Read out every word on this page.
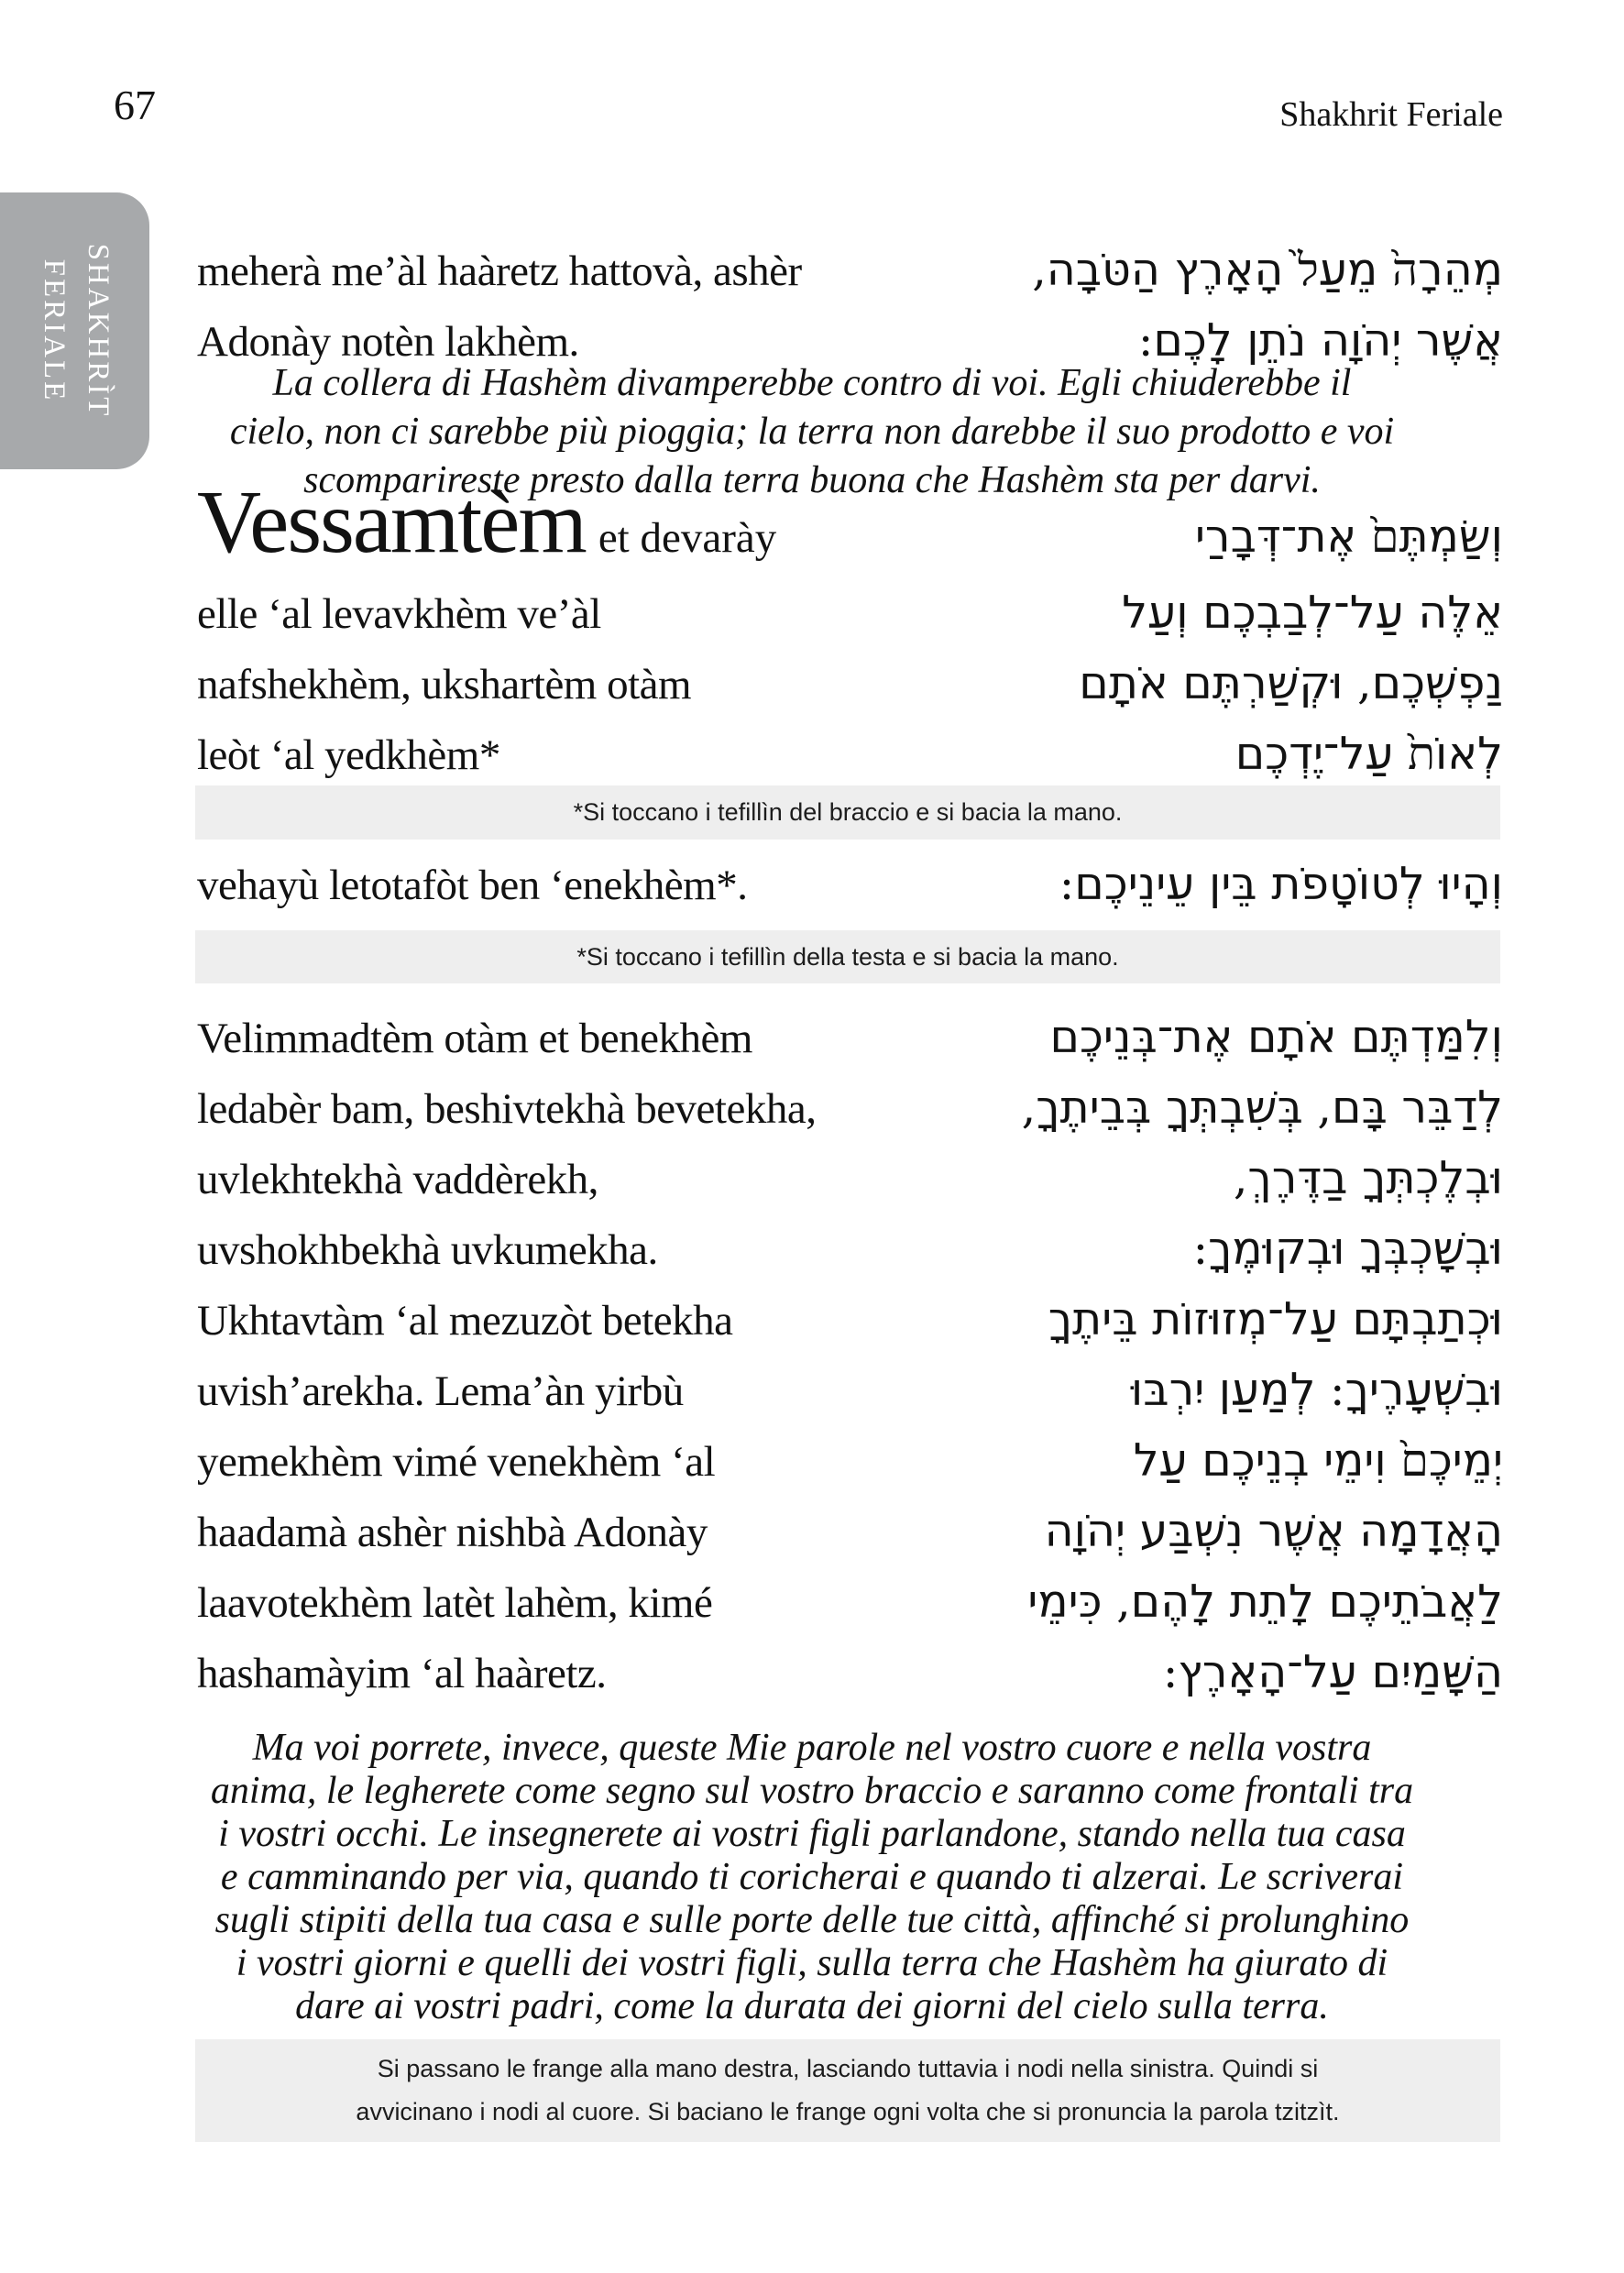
67	Shakhrit Feriale
SHAKHRÌT
FERIALE	meherà me’àl haàretz hattovà, ashèr	מְהֵרָה֙ מֵעַל֙ הָאָרֶץ הַטֹּבָה,
Adonày notèn lakhèm.	אֲשֶׁר יְהֹוָה נֹתֵן לָכֶם:
La collera di Hashèm divamperebbe contro di voi. Egli chiuderebbe il
cielo, non ci sarebbe più pioggia; la terra non darebbe il suo prodotto e voi
scomparireste presto dalla terra buona che Hashèm sta per darvi.
Vessamtèm et devarày	וְשַׂמְתֶּם֙ אֶת־דְּבָרַי
elle ‘al levavkhèm ve’àl	אֵלֶּה עַל־לְבַבְכֶם וְעַל
nafshekhèm, ukshartèm otàm	נַפְשְׁכֶם, וּקְשַׁרְתֶּם אֹתָם
leòt ‘al yedkhèm*	לְאוֹת֙ עַל־יֶדְכֶם
*Si toccano i tefillìn del braccio e si bacia la mano.
vehayù letotafòt ben ‘enekhèm*.	וְהָיוּ לְטוֹטָפֹת בֵּין עֵינֵיכֶם:
*Si toccano i tefillìn della testa e si bacia la mano.
Velimmadtèm otàm et benekhèm	וְלִמַּדְתֶּם אֹתָם אֶת־בְּנֵיכֶם
ledabèr bam, beshivtekhà bevetekha,	לְדַבֵּר בָּם, בְּשִׁבְתְּךָ בְּבֵיתֶךָ,
uvlekhtekhà vaddèrekh,	וּבְלֶכְתְּךָ בַדֶּרֶךְ,
uvshokhbekhà uvkumekha.	וּבְשָׁכְבְּךָ וּבְקוּמֶךָ:
Ukhtavtàm ‘al mezuzòt betekha	וּכְתַבְתָּם עַל־מְזוּזוֹת בֵּיתֶךָ
uvish’arekha. Lema’àn yirbù	וּבִשְׁעָרֶיךָ: לְמַעַן יִרְבּוּ
yemekhèm vimé venekhèm ‘al	יְמֵיכֶם֙ וִימֵי בְנֵיכֶם עַל
haadamà ashèr nishbà Adonày	הָאֲדָמָה אֲשֶׁר נִשְׁבַּע יְהֹוָה
laavotekhèm latèt lahèm, kimé	לַאֲבֹתֵיכֶם לָתֵת לָהֶם, כִּימֵי
hashamàyim ‘al haàretz.	הַשָּׁמַיִם עַל־הָאָרֶץ:
Ma voi porrete, invece, queste Mie parole nel vostro cuore e nella vostra
anima, le legherete come segno sul vostro braccio e saranno come frontali tra
i vostri occhi. Le insegnerete ai vostri figli parlandone, stando nella tua casa
e camminando per via, quando ti coricherai e quando ti alzerai. Le scriverai
sugli stipiti della tua casa e sulle porte delle tue città, affinché si prolunghino
i vostri giorni e quelli dei vostri figli, sulla terra che Hashèm ha giurato di
dare ai vostri padri, come la durata dei giorni del cielo sulla terra.
Si passano le frange alla mano destra, lasciando tuttavia i nodi nella sinistra. Quindi si
avvicinano i nodi al cuore. Si baciano le frange ogni volta che si pronuncia la parola tzitzìt.
